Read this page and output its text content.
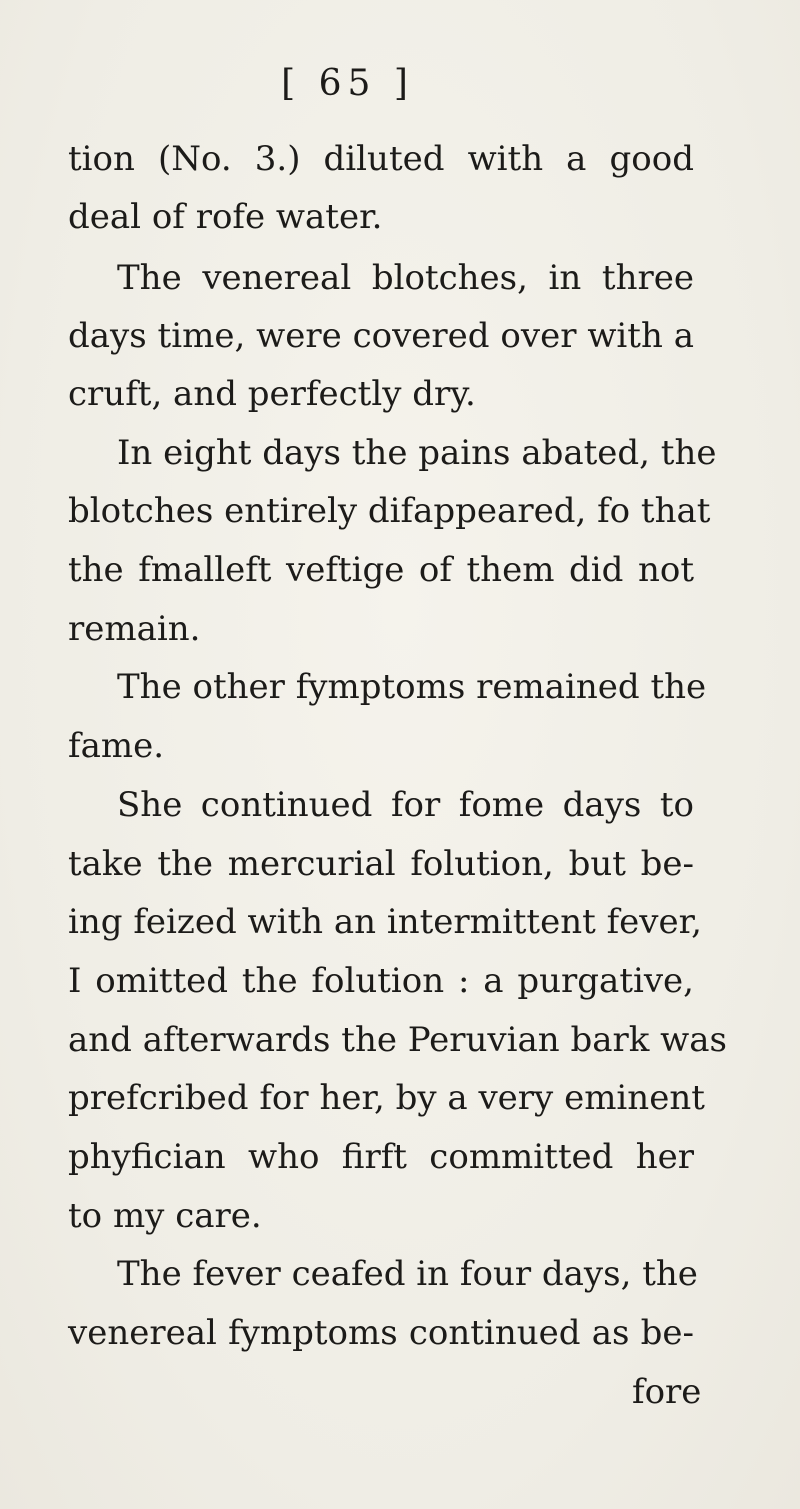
[ 65 ]
tion (No. 3.) diluted with a good
deal of rofe water.
The venereal blotches, in three
days time, were covered over with a
cruft, and perfectly dry.
In eight days the pains abated, the
blotches entirely difappeared, fo that
the fmalleft veftige of them did not
remain.
The other fymptoms remained the
fame.
She continued for fome days to
take the mercurial folution, but be-
ing feized with an intermittent fever,
I omitted the folution : a purgative,
and afterwards the Peruvian bark was
prefcribed for her, by a very eminent
phyfician who firft committed her
to my care.
The fever ceafed in four days, the
venereal fymptoms continued as be-
fore
